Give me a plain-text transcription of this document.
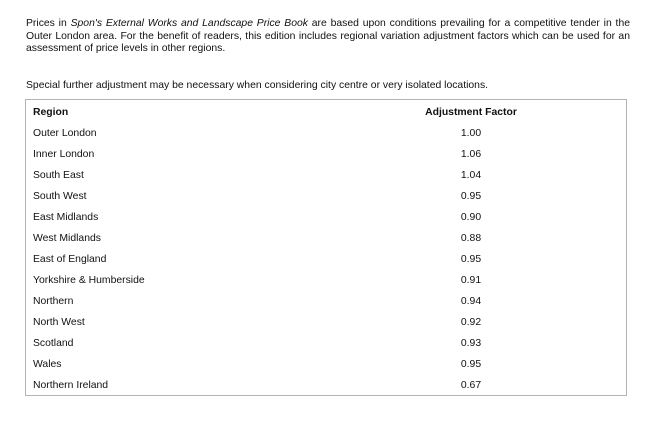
Prices in Spon's External Works and Landscape Price Book are based upon conditions prevailing for a competitive tender in the Outer London area. For the benefit of readers, this edition includes regional variation adjustment factors which can be used for an assessment of price levels in other regions.

Special further adjustment may be necessary when considering city centre or very isolated locations.

Region	Adjustment Factor
Outer London	1.00
Inner London	1.06
South East	1.04
South West	0.95
East Midlands	0.90
West Midlands	0.88
East of England	0.95
Yorkshire & Humberside	0.91
Northern	0.94
North West	0.92
Scotland	0.93
Wales	0.95
Northern Ireland	0.67
